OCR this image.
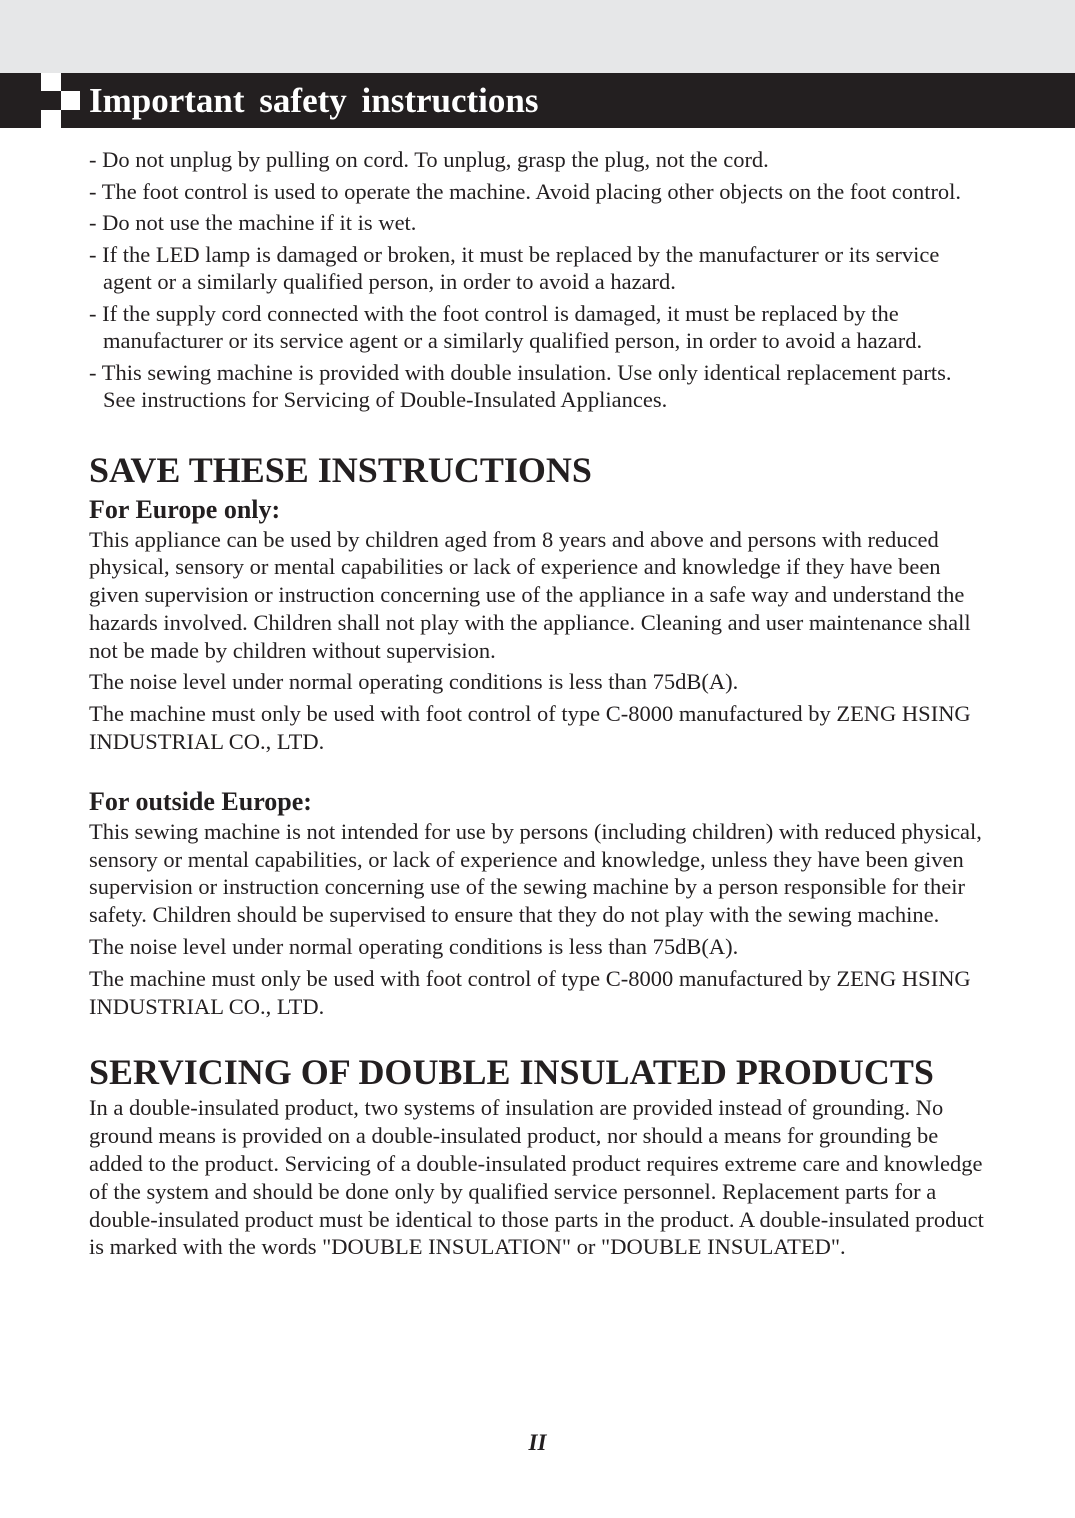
Important safety instructions
- Do not unplug by pulling on cord. To unplug, grasp the plug, not the cord.
- The foot control is used to operate the machine. Avoid placing other objects on the foot control.
- Do not use the machine if it is wet.
- If the LED lamp is damaged or broken, it must be replaced by the manufacturer or its service agent or a similarly qualified person, in order to avoid a hazard.
- If the supply cord connected with the foot control is damaged, it must be replaced by the manufacturer or its service agent or a similarly qualified person, in order to avoid a hazard.
- This sewing machine is provided with double insulation. Use only identical replacement parts. See instructions for Servicing of Double-Insulated Appliances.
SAVE THESE INSTRUCTIONS
For Europe only:

This appliance can be used by children aged from 8 years and above and persons with reduced physical, sensory or mental capabilities or lack of experience and knowledge if they have been given supervision or instruction concerning use of the appliance in a safe way and understand the hazards involved. Children shall not play with the appliance. Cleaning and user maintenance shall not be made by children without supervision.

The noise level under normal operating conditions is less than 75dB(A).

The machine must only be used with foot control of type C-8000 manufactured by ZENG HSING INDUSTRIAL CO., LTD.

For outside Europe:

This sewing machine is not intended for use by persons (including children) with reduced physical, sensory or mental capabilities, or lack of experience and knowledge, unless they have been given supervision or instruction concerning use of the sewing machine by a person responsible for their safety. Children should be supervised to ensure that they do not play with the sewing machine.

The noise level under normal operating conditions is less than 75dB(A).

The machine must only be used with foot control of type C-8000 manufactured by ZENG HSING INDUSTRIAL CO., LTD.

SERVICING OF DOUBLE INSULATED PRODUCTS

In a double-insulated product, two systems of insulation are provided instead of grounding. No ground means is provided on a double-insulated product, nor should a means for grounding be added to the product. Servicing of a double-insulated product requires extreme care and knowledge of the system and should be done only by qualified service personnel. Replacement parts for a double-insulated product must be identical to those parts in the product. A double-insulated product is marked with the words "DOUBLE INSULATION" or "DOUBLE INSULATED".

II
